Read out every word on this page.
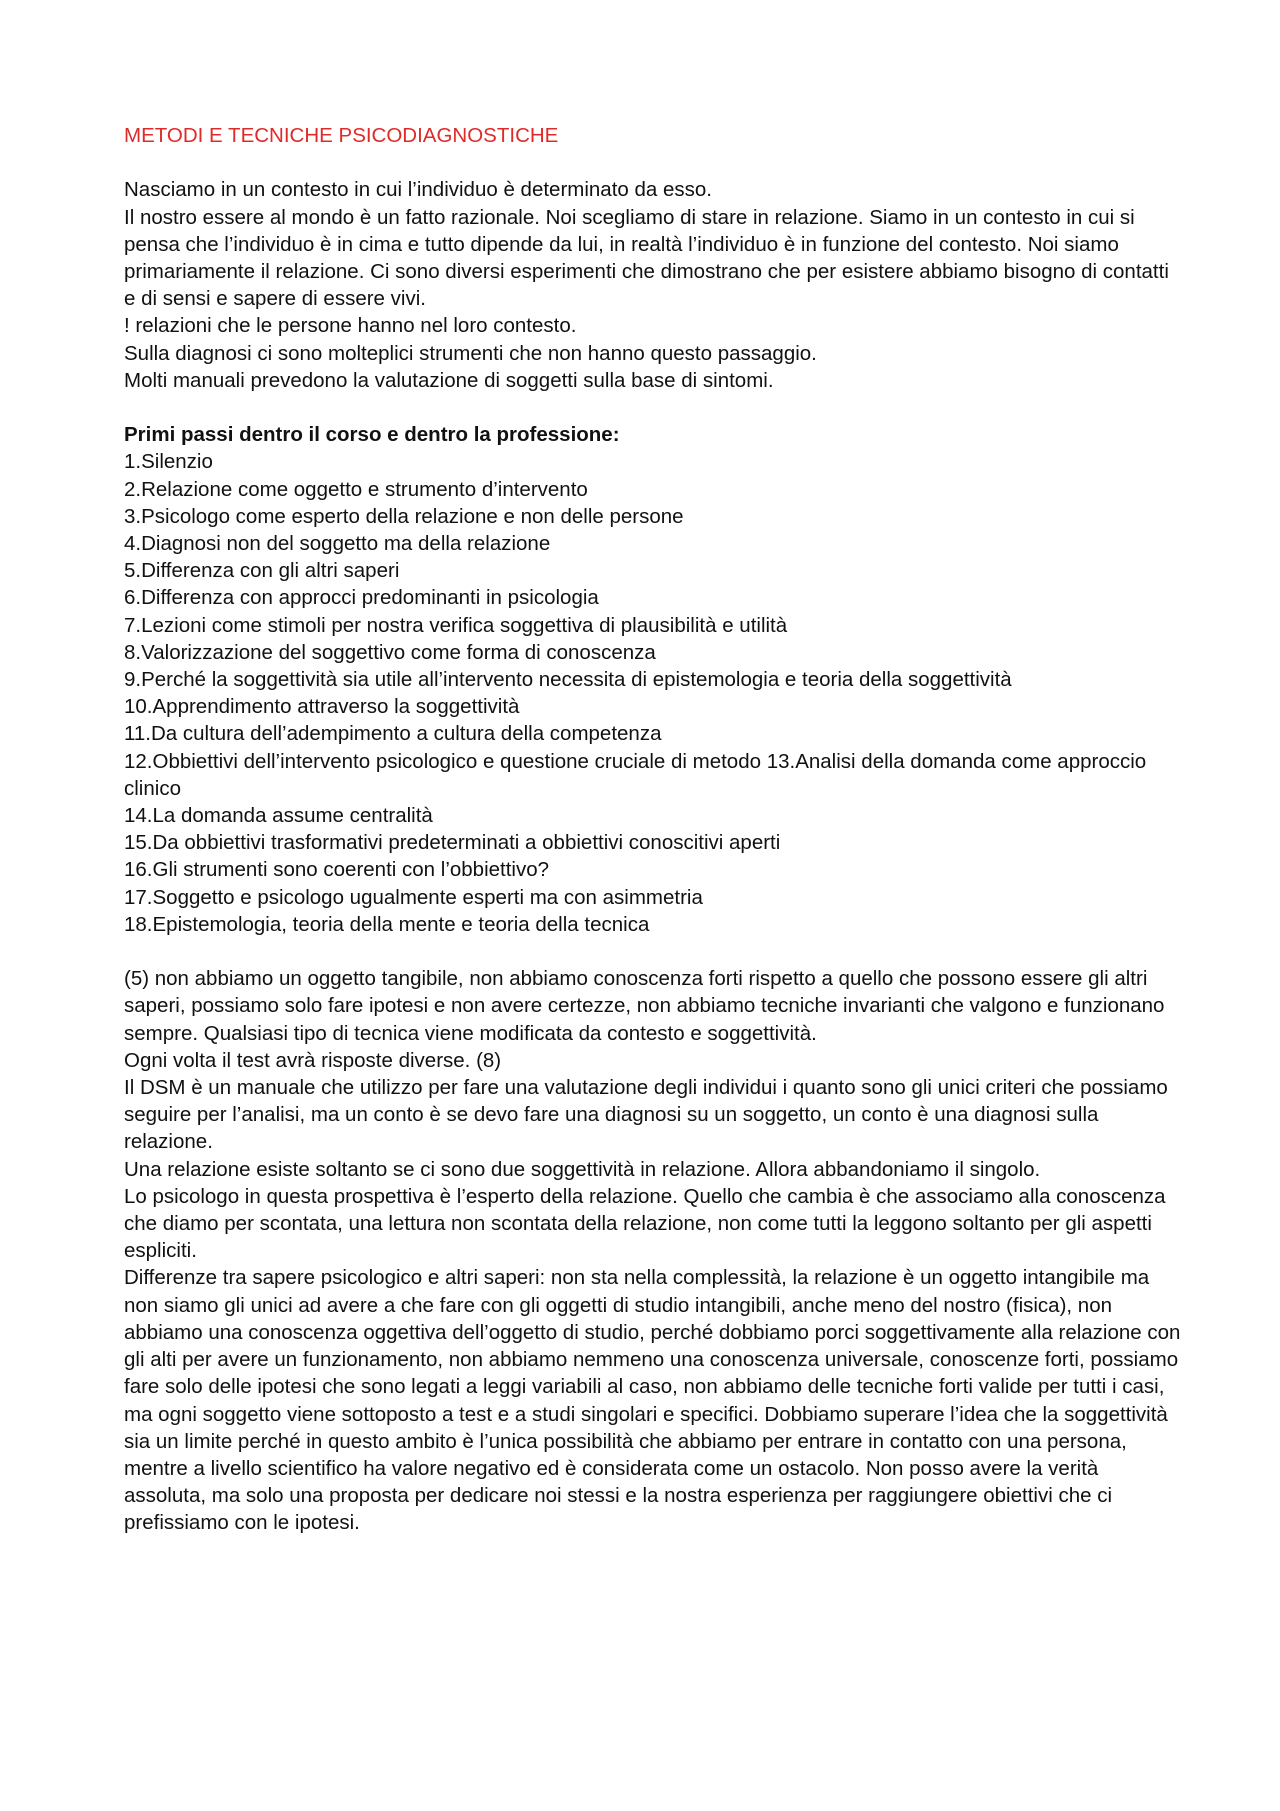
METODI E TECNICHE PSICODIAGNOSTICHE

Nasciamo in un contesto in cui l’individuo è determinato da esso.

Il nostro essere al mondo è un fatto razionale. Noi scegliamo di stare in relazione. Siamo in un contesto in cui si pensa che l’individuo è in cima e tutto dipende da lui, in realtà l’individuo è in funzione del contesto. Noi siamo primariamente il relazione. Ci sono diversi esperimenti che dimostrano che per esistere abbiamo bisogno di contatti e di sensi e sapere di essere vivi.

! relazioni che le persone hanno nel loro contesto.

Sulla diagnosi ci sono molteplici strumenti che non hanno questo passaggio.

Molti manuali prevedono la valutazione di soggetti sulla base di sintomi.

Primi passi dentro il corso e dentro la professione:

1.Silenzio
2.Relazione come oggetto e strumento d’intervento
3.Psicologo come esperto della relazione e non delle persone
4.Diagnosi non del soggetto ma della relazione
5.Differenza con gli altri saperi
6.Differenza con approcci predominanti in psicologia
7.Lezioni come stimoli per nostra verifica soggettiva di plausibilità e utilità
8.Valorizzazione del soggettivo come forma di conoscenza
9.Perché la soggettività sia utile all’intervento necessita di epistemologia e teoria della soggettività
10.Apprendimento attraverso la soggettività
11.Da cultura dell’adempimento a cultura della competenza
12.Obbiettivi dell’intervento psicologico e questione cruciale di metodo 13.Analisi della domanda come approccio clinico
14.La domanda assume centralità
15.Da obbiettivi trasformativi predeterminati a obbiettivi conoscitivi aperti
16.Gli strumenti sono coerenti con l’obbiettivo?
17.Soggetto e psicologo ugualmente esperti ma con asimmetria
18.Epistemologia, teoria della mente e teoria della tecnica

(5) non abbiamo un oggetto tangibile, non abbiamo conoscenza forti rispetto a quello che possono essere gli altri saperi, possiamo solo fare ipotesi e non avere certezze, non abbiamo tecniche invarianti che valgono e funzionano sempre. Qualsiasi tipo di tecnica viene modificata da contesto e soggettività.

Ogni volta il test avrà risposte diverse. (8)

Il DSM è un manuale che utilizzo per fare una valutazione degli individui i quanto sono gli unici criteri che possiamo seguire per l’analisi, ma un conto è se devo fare una diagnosi su un soggetto, un conto è una diagnosi sulla relazione.

Una relazione esiste soltanto se ci sono due soggettività in relazione. Allora abbandoniamo il singolo.

Lo psicologo in questa prospettiva è l’esperto della relazione. Quello che cambia è che associamo alla conoscenza che diamo per scontata, una lettura non scontata della relazione, non come tutti la leggono soltanto per gli aspetti espliciti.

Differenze tra sapere psicologico e altri saperi: non sta nella complessità, la relazione è un oggetto intangibile ma non siamo gli unici ad avere a che fare con gli oggetti di studio intangibili, anche meno del nostro (fisica), non abbiamo una conoscenza oggettiva dell’oggetto di studio, perché dobbiamo porci soggettivamente alla relazione con gli alti per avere un funzionamento, non abbiamo nemmeno una conoscenza universale, conoscenze forti, possiamo fare solo delle ipotesi che sono legati a leggi variabili al caso, non abbiamo delle tecniche forti valide per tutti i casi, ma ogni soggetto viene sottoposto a test e a studi singolari e specifici. Dobbiamo superare l’idea che la soggettività sia un limite perché in questo ambito è l’unica possibilità che abbiamo per entrare in contatto con una persona, mentre a livello scientifico ha valore negativo ed è considerata come un ostacolo. Non posso avere la verità assoluta, ma solo una proposta per dedicare noi stessi e la nostra esperienza per raggiungere obiettivi che ci prefissiamo con le ipotesi.
